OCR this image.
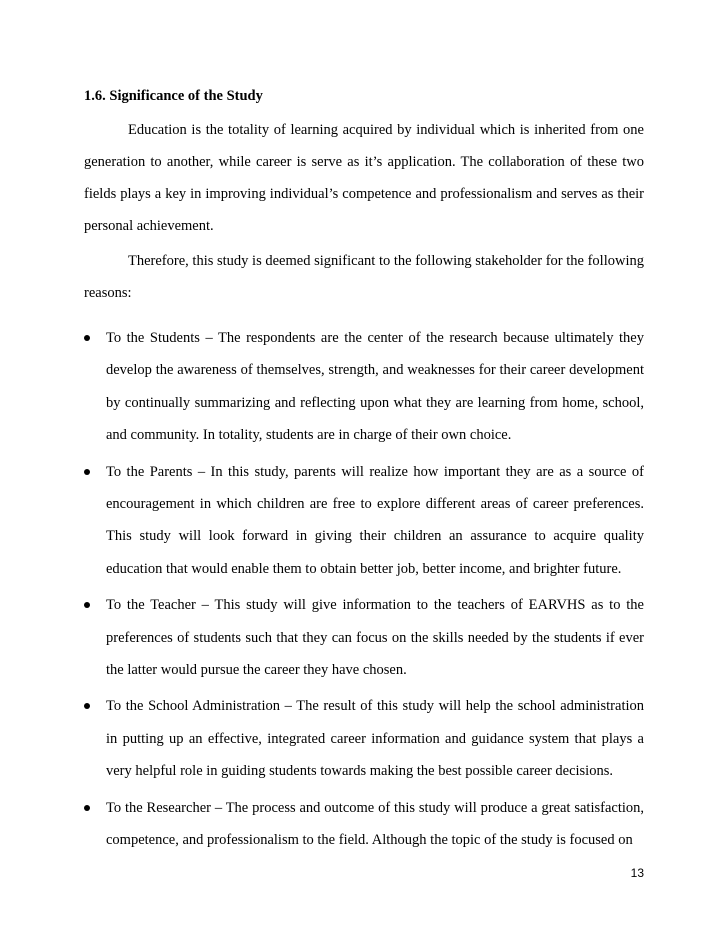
1.6. Significance of the Study

Education is the totality of learning acquired by individual which is inherited from one generation to another, while career is serve as it’s application. The collaboration of these two fields plays a key in improving individual’s competence and professionalism and serves as their personal achievement.

Therefore, this study is deemed significant to the following stakeholder for the following reasons:

To the Students – The respondents are the center of the research because ultimately they develop the awareness of themselves, strength, and weaknesses for their career development by continually summarizing and reflecting upon what they are learning from home, school, and community. In totality, students are in charge of their own choice.
To the Parents – In this study, parents will realize how important they are as a source of encouragement in which children are free to explore different areas of career preferences. This study will look forward in giving their children an assurance to acquire quality education that would enable them to obtain better job, better income, and brighter future.
To the Teacher – This study will give information to the teachers of EARVHS as to the preferences of students such that they can focus on the skills needed by the students if ever the latter would pursue the career they have chosen.
To the School Administration – The result of this study will help the school administration in putting up an effective, integrated career information and guidance system that plays a very helpful role in guiding students towards making the best possible career decisions.
To the Researcher – The process and outcome of this study will produce a great satisfaction, competence, and professionalism to the field. Although the topic of the study is focused on
13
